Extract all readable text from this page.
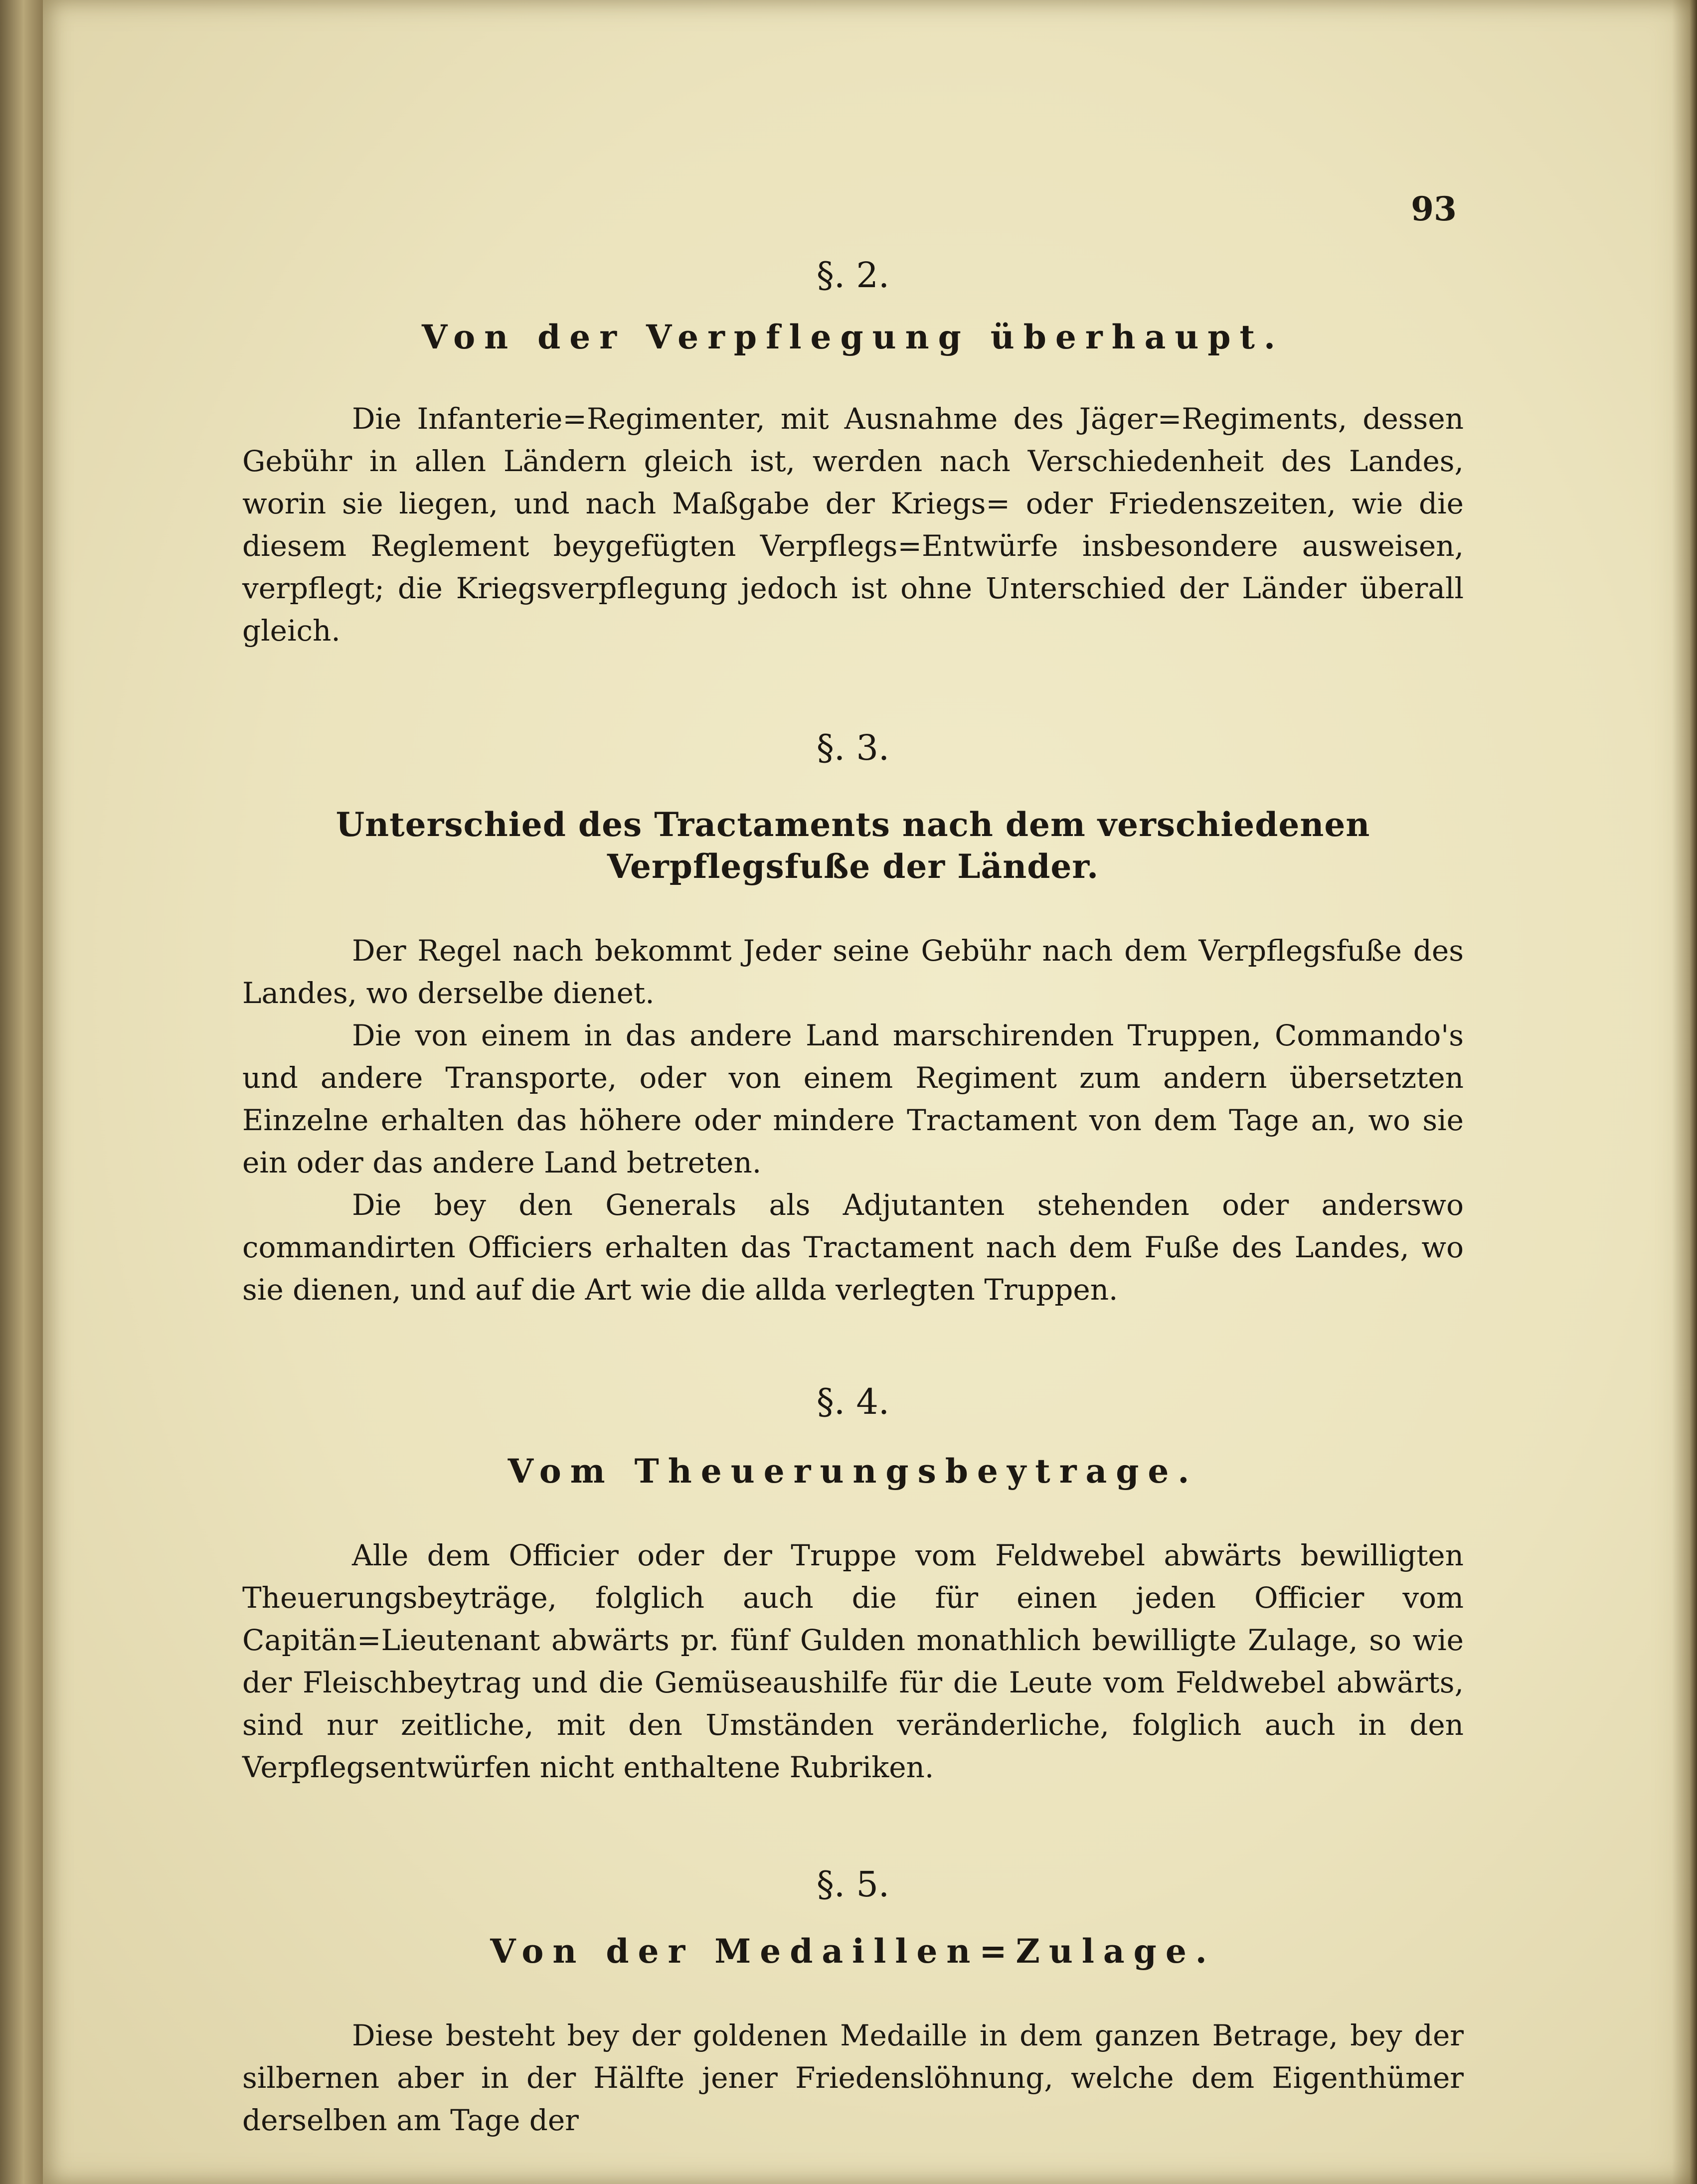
93

§. 2.

Von der Verpflegung überhaupt.

Die Infanterie=Regimenter, mit Ausnahme des Jäger=Regiments, dessen Gebühr in allen Ländern gleich ist, werden nach Verschiedenheit des Landes, worin sie liegen, und nach Maßgabe der Kriegs= oder Friedenszeiten, wie die diesem Reglement beygefügten Verpflegs=Entwürfe insbesondere ausweisen, verpflegt; die Kriegsverpflegung jedoch ist ohne Unterschied der Länder überall gleich.

§. 3.

Unterschied des Tractaments nach dem verschiedenen Verpflegsfuße der Länder.

Der Regel nach bekommt Jeder seine Gebühr nach dem Verpflegsfuße des Landes, wo derselbe dienet.

Die von einem in das andere Land marschirenden Truppen, Commando's und andere Transporte, oder von einem Regiment zum andern übersetzten Einzelne erhalten das höhere oder mindere Tractament von dem Tage an, wo sie ein oder das andere Land betreten.

Die bey den Generals als Adjutanten stehenden oder anderswo commandirten Officiers erhalten das Tractament nach dem Fuße des Landes, wo sie dienen, und auf die Art wie die allda verlegten Truppen.

§. 4.

Vom Theuerungsbeytrage.

Alle dem Officier oder der Truppe vom Feldwebel abwärts bewilligten Theuerungsbeyträge, folglich auch die für einen jeden Officier vom Capitän=Lieutenant abwärts pr. fünf Gulden monathlich bewilligte Zulage, so wie der Fleischbeytrag und die Gemüseaushilfe für die Leute vom Feldwebel abwärts, sind nur zeitliche, mit den Umständen veränderliche, folglich auch in den Verpflegsentwürfen nicht enthaltene Rubriken.

§. 5.

Von der Medaillen=Zulage.

Diese besteht bey der goldenen Medaille in dem ganzen Betrage, bey der silbernen aber in der Hälfte jener Friedenslöhnung, welche dem Eigenthümer derselben am Tage der
